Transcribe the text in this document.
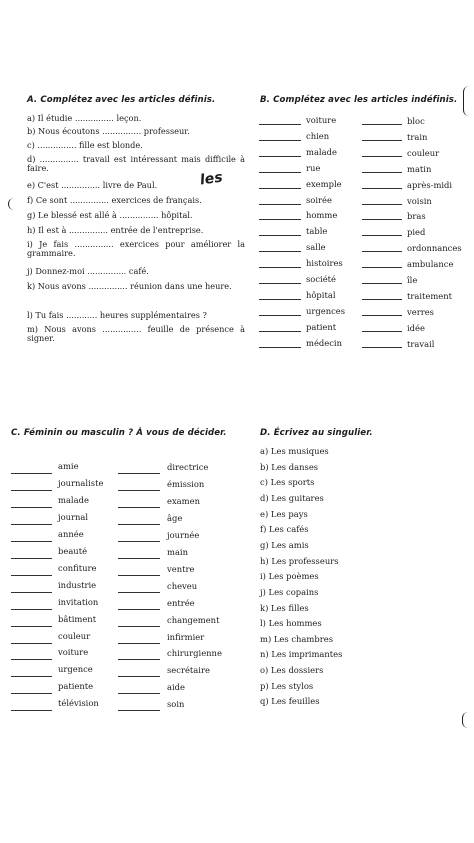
A. Complétez avec les articles définis.
a) Il étudie ............... leçon.
b) Nous écoutons ............... professeur.
c) ............... fille est blonde.
d) ............... travail est intéressant mais difficile à faire.
e) C'est ............... livre de Paul.
f) Ce sont ............... exercices de français.
g) Le blessé est allé à ............... hôpital.
h) Il est à ............... entrée de l'entreprise.
i) Je fais ............... exercices pour améliorer la grammaire.
j) Donnez-moi ............... café.
k) Nous avons ............... réunion dans une heure.
l) Tu fais ............ heures supplémentaires ?
m) Nous avons ............... feuille de présence à signer.
les
B. Complétez avec les articles indéfinis.
voiture
chien
malade
rue
exemple
soirée
homme
table
salle
histoires
société
hôpital
urgences
patient
médecin
bloc
train
couleur
matin
après-midi
voisin
bras
pied
ordonnances
ambulance
île
traitement
verres
idée
travail
C. Féminin ou masculin ? À vous de décider.
amie
journaliste
malade
journal
année
beauté
confiture
industrie
invitation
bâtiment
couleur
voiture
urgence
patiente
télévision
directrice
émission
examen
âge
journée
main
ventre
cheveu
entrée
changement
infirmier
chirurgienne
secrétaire
aide
soin
D. Écrivez au singulier.
a) Les musiques
b) Les danses
c) Les sports
d) Les guitares
e) Les pays
f) Les cafés
g) Les amis
h) Les professeurs
i) Les poèmes
j) Les copains
k) Les filles
l) Les hommes
m) Les chambres
n) Les imprimantes
o) Les dossiers
p) Les stylos
q) Les feuilles
